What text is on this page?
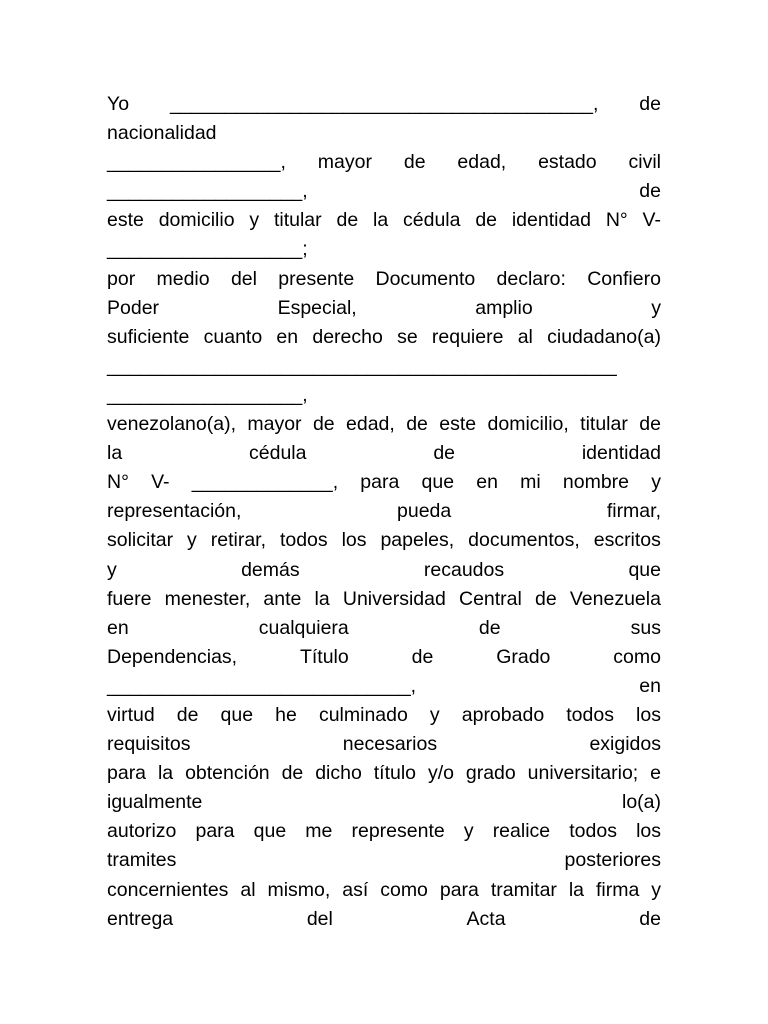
Yo _______________________________________, de
nacionalidad
________________, mayor de edad, estado civil
__________________,	de
este domicilio y titular de la cédula de identidad N° V-
__________________;
por medio del presente Documento declaro: Confiero
Poder	Especial,	amplio	y
suficiente cuanto en derecho se requiere al ciudadano(a)
_______________________________________________
__________________,
venezolano(a), mayor de edad, de este domicilio, titular de
la	cédula	de	identidad
N° V- _____________, para que en mi nombre y
representación,	pueda	firmar,
solicitar y retirar, todos los papeles, documentos, escritos
y	demás	recaudos	que
fuere menester, ante la Universidad Central de Venezuela
en	cualquiera	de	sus
Dependencias,	Título	de	Grado	como
____________________________,	en
virtud de que he culminado y aprobado todos los
requisitos	necesarios	exigidos
para la obtención de dicho título y/o grado universitario; e
igualmente	lo(a)
autorizo para que me represente y realice todos los
tramites	posteriores
concernientes al mismo, así como para tramitar la firma y
entrega	del	Acta	de
